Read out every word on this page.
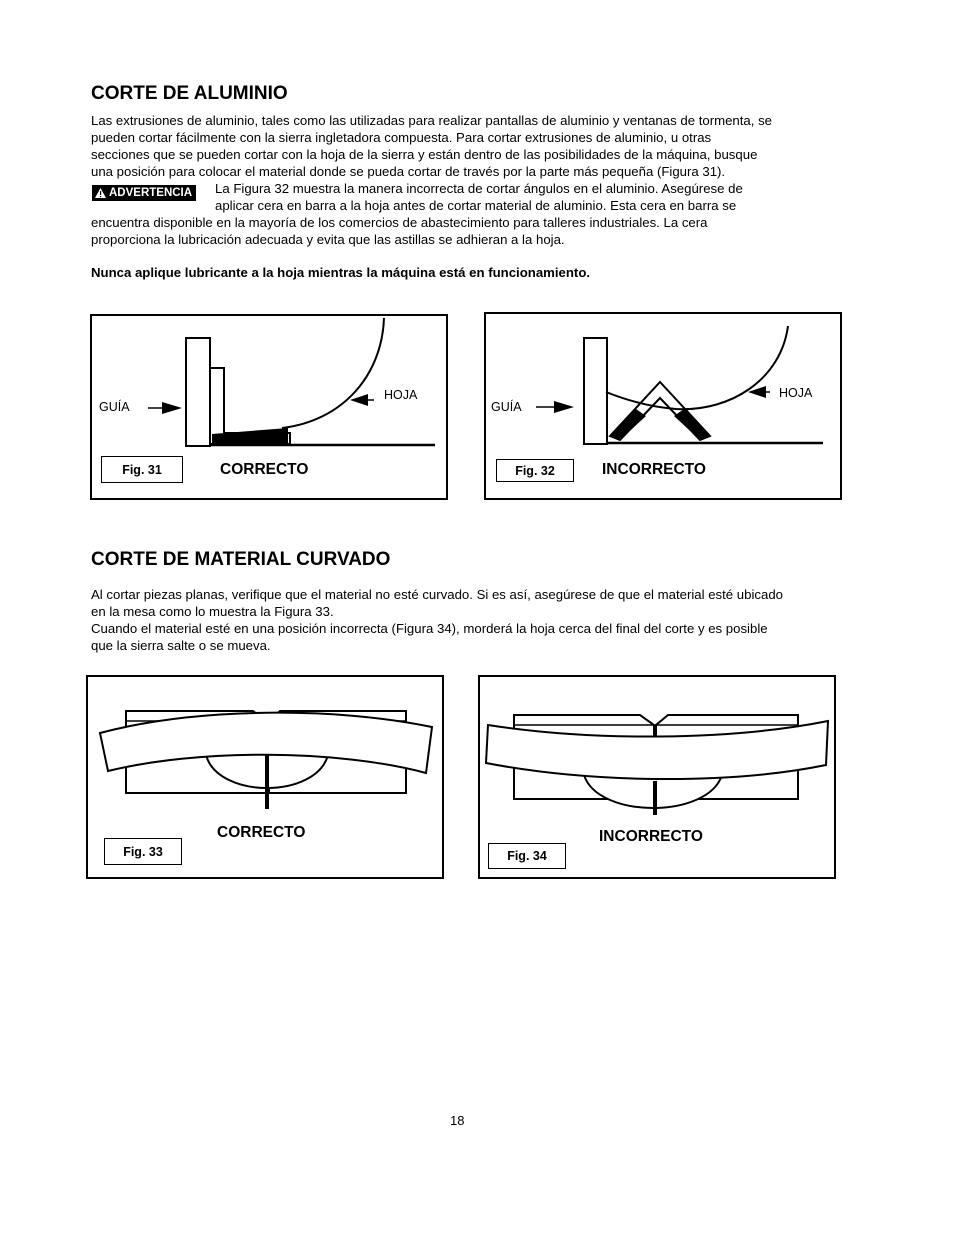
CORTE DE ALUMINIO
Las extrusiones de aluminio, tales como las utilizadas para realizar pantallas de aluminio y ventanas de tormenta, se
pueden cortar fácilmente con la sierra ingletadora compuesta. Para cortar extrusiones de aluminio, u otras
secciones que se pueden cortar con la hoja de la sierra y están dentro de las posibilidades de la máquina, busque
una posición para colocar el material donde se pueda cortar de través por la parte más pequeña (Figura 31).
ADVERTENCIA La Figura 32 muestra la manera incorrecta de cortar ángulos en el aluminio. Asegúrese de
aplicar cera en barra a la hoja antes de cortar material de aluminio. Esta cera en barra se
encuentra disponible en la mayoría de los comercios de abastecimiento para talleres industriales. La cera
proporciona la lubricación adecuada y evita que las astillas se adhieran a la hoja.
Nunca aplique lubricante a la hoja mientras la máquina está en funcionamiento.
GUÍA
HOJA
Fig. 31	CORRECTO
GUÍA
HOJA
Fig. 32	INCORRECTO
CORTE DE MATERIAL CURVADO
Al cortar piezas planas, verifique que el material no esté curvado. Si es así, asegúrese de que el material esté ubicado
en la mesa como lo muestra la Figura 33.
Cuando el material esté en una posición incorrecta (Figura 34), morderá la hoja cerca del final del corte y es posible
que la sierra salte o se mueva.
Fig. 33
CORRECTO
Fig. 34
INCORRECTO
18
